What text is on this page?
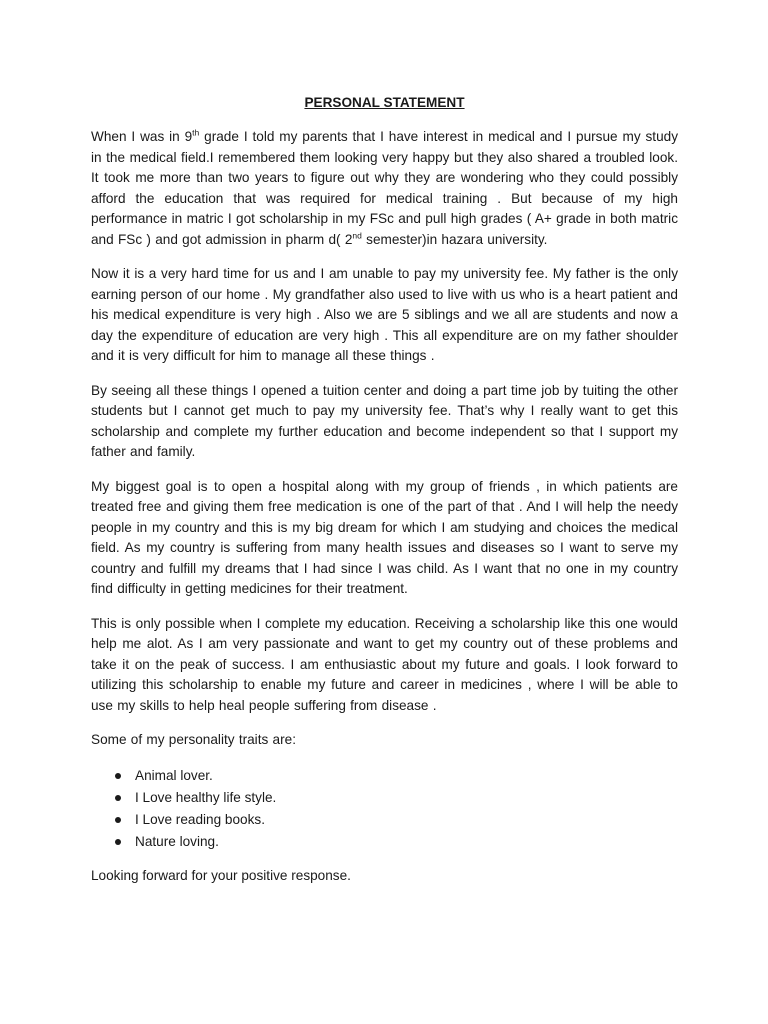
PERSONAL STATEMENT

When I was in 9th grade I told my parents that I have interest in medical and I pursue my study in the medical field.I remembered them looking very happy but they also shared a troubled look. It took me more than two years to figure out why they are wondering who they could possibly afford the education that was required for medical training . But because of my high performance in matric I got scholarship in my FSc and pull high grades ( A+ grade in both matric and FSc ) and got admission in pharm d( 2nd semester)in hazara university.

Now it is a very hard time for us and I am unable to pay my university fee. My father is the only earning person of our home . My grandfather also used to live with us who is a heart patient and his medical expenditure is very high . Also we are 5 siblings and we all are students and now a day the expenditure of education are very high . This all expenditure are on my father shoulder and it is very difficult for him to manage all these things .

By seeing all these things I opened a tuition center and doing a part time job by tuiting the other students but I cannot get much to pay my university fee. That’s why I really want to get this scholarship and complete my further education and become independent so that I support my father and family.

My biggest goal is to open a hospital along with my group of friends , in which patients are treated free and giving them free medication is one of the part of that . And I will help the needy people in my country and this is my big dream for which I am studying and choices the medical field. As my country is suffering from many health issues and diseases so I want to serve my country and fulfill my dreams that I had since I was child. As I want that no one in my country find difficulty in getting medicines for their treatment.

This is only possible when I complete my education. Receiving a scholarship like this one would help me alot. As I am very passionate and want to get my country out of these problems and take it on the peak of success. I am enthusiastic about my future and goals. I look forward to utilizing this scholarship to enable my future and career in medicines , where I will be able to use my skills to help heal people suffering from disease .

Some of my personality traits are:

Animal lover.
I Love healthy life style.
I Love reading books.
Nature loving.

Looking forward for your positive response.
